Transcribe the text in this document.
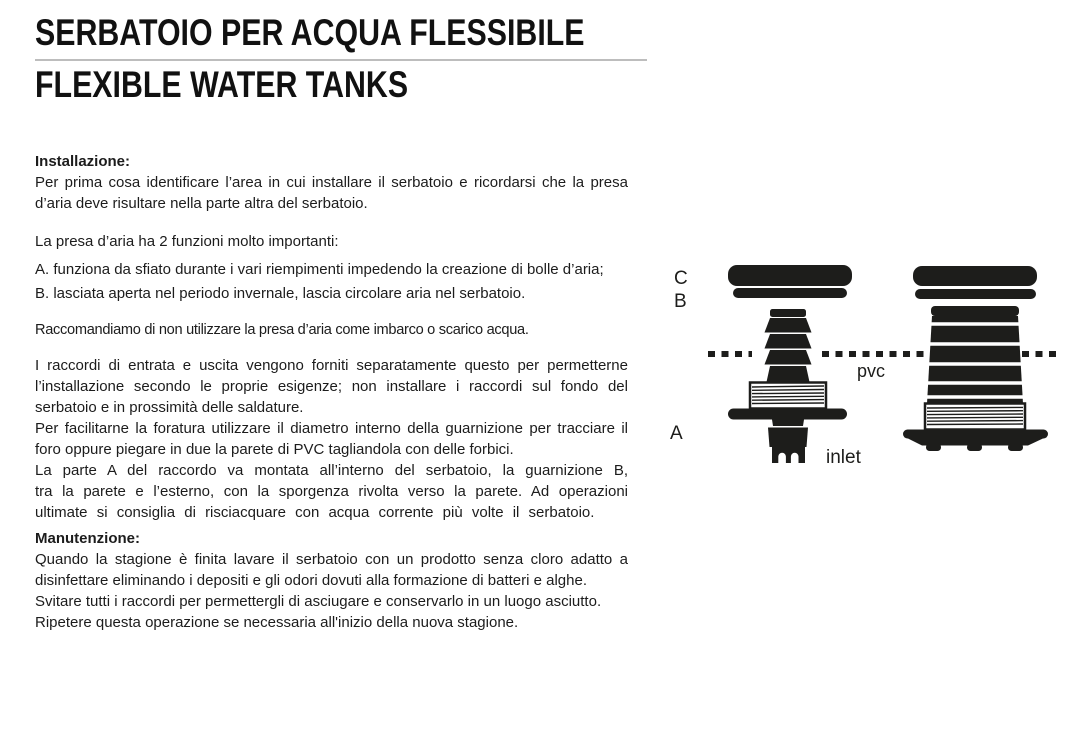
SERBATOIO PER ACQUA FLESSIBILE
FLEXIBLE WATER TANKS

Installazione:

Per prima cosa identificare l’area in cui installare il serbatoio e ricordarsi che la presa d’aria deve risultare nella parte altra del serbatoio.

La presa d’aria ha 2 funzioni molto importanti:

A. funziona da sfiato durante i vari riempimenti impedendo la creazione di bolle d’aria;

B. lasciata aperta nel periodo invernale, lascia circolare aria nel serbatoio.

Raccomandiamo di non utilizzare la presa d’aria come imbarco o scarico acqua.

I raccordi di entrata e uscita vengono forniti separatamente questo per permetterne l’installazione secondo le proprie esigenze; non installare i raccordi sul fondo del serbatoio e in prossimità delle saldature.

Per facilitarne la foratura utilizzare il diametro interno della guarnizione per tracciare il foro oppure piegare in due la parete di PVC tagliandola con delle forbici.

La parte A del raccordo va montata all’interno del serbatoio, la guarnizione B, tra la parete e l’esterno, con la sporgenza rivolta verso la parete. Ad operazioni ultimate si consiglia di risciacquare con acqua corrente più volte il serbatoio.

Manutenzione:

Quando la stagione è finita lavare il serbatoio con un prodotto senza cloro adatto a disinfettare eliminando i depositi e gli odori dovuti alla formazione di batteri e alghe.

Svitare tutti i raccordi per permettergli di asciugare e conservarlo in un luogo asciutto.

Ripetere questa operazione se necessaria all'inizio della nuova stagione.

C
B
A
pvc
inlet
